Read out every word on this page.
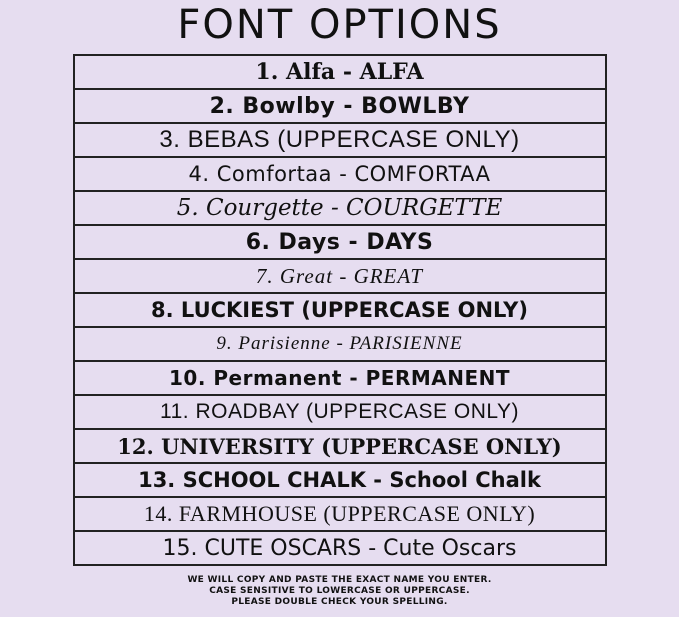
FONT OPTIONS
1. Alfa - ALFA
2. Bowlby - BOWLBY
3. BEBAS (UPPERCASE ONLY)
4. Comfortaa - COMFORTAA
5. Courgette - COURGETTE
6. Days - DAYS
7. Great - GREAT
8. LUCKIEST (UPPERCASE ONLY)
9. Parisienne - PARISIENNE
10. Permanent - PERMANENT
11. ROADBAY (UPPERCASE ONLY)
12. UNIVERSITY (UPPERCASE ONLY)
13. SCHOOL CHALK - School Chalk
14. FARMHOUSE (UPPERCASE ONLY)
15. CUTE OSCARS - Cute Oscars
WE WILL COPY AND PASTE THE EXACT NAME YOU ENTER.
CASE SENSITIVE TO LOWERCASE OR UPPERCASE.
PLEASE DOUBLE CHECK YOUR SPELLING.
